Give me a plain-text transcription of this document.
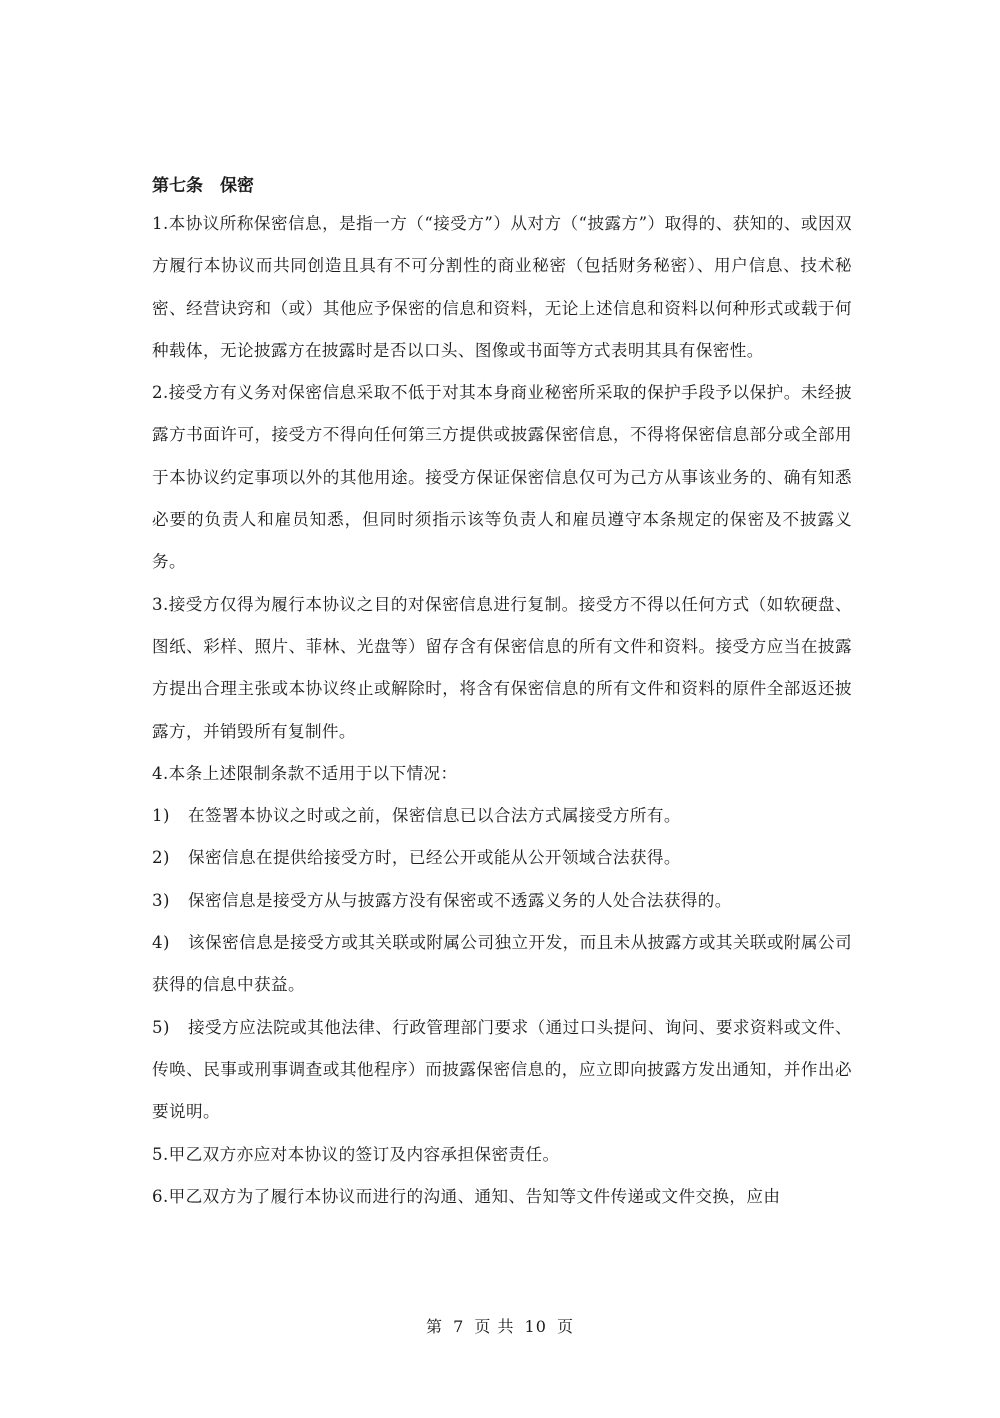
第七条　保密

1.本协议所称保密信息，是指一方（“接受方”）从对方（“披露方”）取得的、获知的、或因双方履行本协议而共同创造且具有不可分割性的商业秘密（包括财务秘密）、用户信息、技术秘密、经营诀窍和（或）其他应予保密的信息和资料，无论上述信息和资料以何种形式或载于何种载体，无论披露方在披露时是否以口头、图像或书面等方式表明其具有保密性。

2.接受方有义务对保密信息采取不低于对其本身商业秘密所采取的保护手段予以保护。未经披露方书面许可，接受方不得向任何第三方提供或披露保密信息，不得将保密信息部分或全部用于本协议约定事项以外的其他用途。接受方保证保密信息仅可为己方从事该业务的、确有知悉必要的负责人和雇员知悉，但同时须指示该等负责人和雇员遵守本条规定的保密及不披露义务。

3.接受方仅得为履行本协议之目的对保密信息进行复制。接受方不得以任何方式（如软硬盘、图纸、彩样、照片、菲林、光盘等）留存含有保密信息的所有文件和资料。接受方应当在披露方提出合理主张或本协议终止或解除时，将含有保密信息的所有文件和资料的原件全部返还披露方，并销毁所有复制件。

4.本条上述限制条款不适用于以下情况：

1) 在签署本协议之时或之前，保密信息已以合法方式属接受方所有。

2) 保密信息在提供给接受方时，已经公开或能从公开领域合法获得。

3) 保密信息是接受方从与披露方没有保密或不透露义务的人处合法获得的。

4) 该保密信息是接受方或其关联或附属公司独立开发，而且未从披露方或其关联或附属公司获得的信息中获益。

5) 接受方应法院或其他法律、行政管理部门要求（通过口头提问、询问、要求资料或文件、传唤、民事或刑事调查或其他程序）而披露保密信息的，应立即向披露方发出通知，并作出必要说明。

5.甲乙双方亦应对本协议的签订及内容承担保密责任。

6.甲乙双方为了履行本协议而进行的沟通、通知、告知等文件传递或文件交换，应由

第 7 页 共 10 页
